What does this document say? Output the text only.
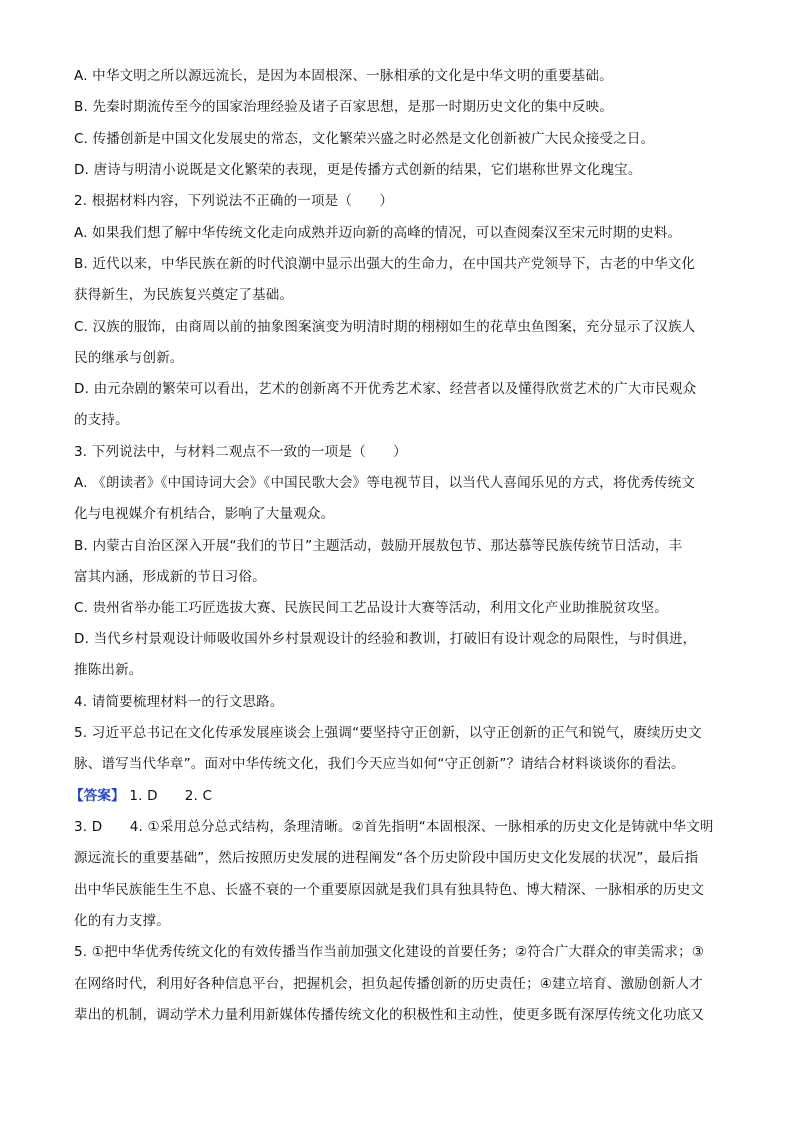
A. 中华文明之所以源远流长，是因为本固根深、一脉相承的文化是中华文明的重要基础。
B. 先秦时期流传至今的国家治理经验及诸子百家思想，是那一时期历史文化的集中反映。
C. 传播创新是中国文化发展史的常态，文化繁荣兴盛之时必然是文化创新被广大民众接受之日。
D. 唐诗与明清小说既是文化繁荣的表现，更是传播方式创新的结果，它们堪称世界文化瑰宝。
2. 根据材料内容，下列说法不正确的一项是（　　）
A. 如果我们想了解中华传统文化走向成熟并迈向新的高峰的情况，可以查阅秦汉至宋元时期的史料。
B. 近代以来，中华民族在新的时代浪潮中显示出强大的生命力，在中国共产党领导下，古老的中华文化
获得新生，为民族复兴奠定了基础。
C. 汉族的服饰，由商周以前的抽象图案演变为明清时期的栩栩如生的花草虫鱼图案，充分显示了汉族人
民的继承与创新。
D. 由元杂剧的繁荣可以看出，艺术的创新离不开优秀艺术家、经营者以及懂得欣赏艺术的广大市民观众
的支持。
3. 下列说法中，与材料二观点不一致的一项是（　　）
A. 《朗读者》《中国诗词大会》《中国民歌大会》等电视节目，以当代人喜闻乐见的方式，将优秀传统文
化与电视媒介有机结合，影响了大量观众。
B. 内蒙古自治区深入开展“我们的节日”主题活动，鼓励开展敖包节、那达慕等民族传统节日活动，丰
富其内涵，形成新的节日习俗。
C. 贵州省举办能工巧匠选拔大赛、民族民间工艺品设计大赛等活动，利用文化产业助推脱贫攻坚。
D. 当代乡村景观设计师吸收国外乡村景观设计的经验和教训，打破旧有设计观念的局限性，与时俱进，
推陈出新。
4. 请简要梳理材料一的行文思路。
5. 习近平总书记在文化传承发展座谈会上强调“要坚持守正创新，以守正创新的正气和锐气，赓续历史文
脉、谱写当代华章”。面对中华传统文化，我们今天应当如何“守正创新”？请结合材料谈谈你的看法。
【答案】 1. D 2. C
3. D　　4. ①采用总分总式结构，条理清晰。②首先指明“本固根深、一脉相承的历史文化是铸就中华文明
源远流长的重要基础”，然后按照历史发展的进程阐发“各个历史阶段中国历史文化发展的状况”，最后指
出中华民族能生生不息、长盛不衰的一个重要原因就是我们具有独具特色、博大精深、一脉相承的历史文
化的有力支撑。
5. ①把中华优秀传统文化的有效传播当作当前加强文化建设的首要任务；②符合广大群众的审美需求；③
在网络时代，利用好各种信息平台，把握机会，担负起传播创新的历史责任；④建立培育、激励创新人才
辈出的机制，调动学术力量利用新媒体传播传统文化的积极性和主动性，使更多既有深厚传统文化功底又
